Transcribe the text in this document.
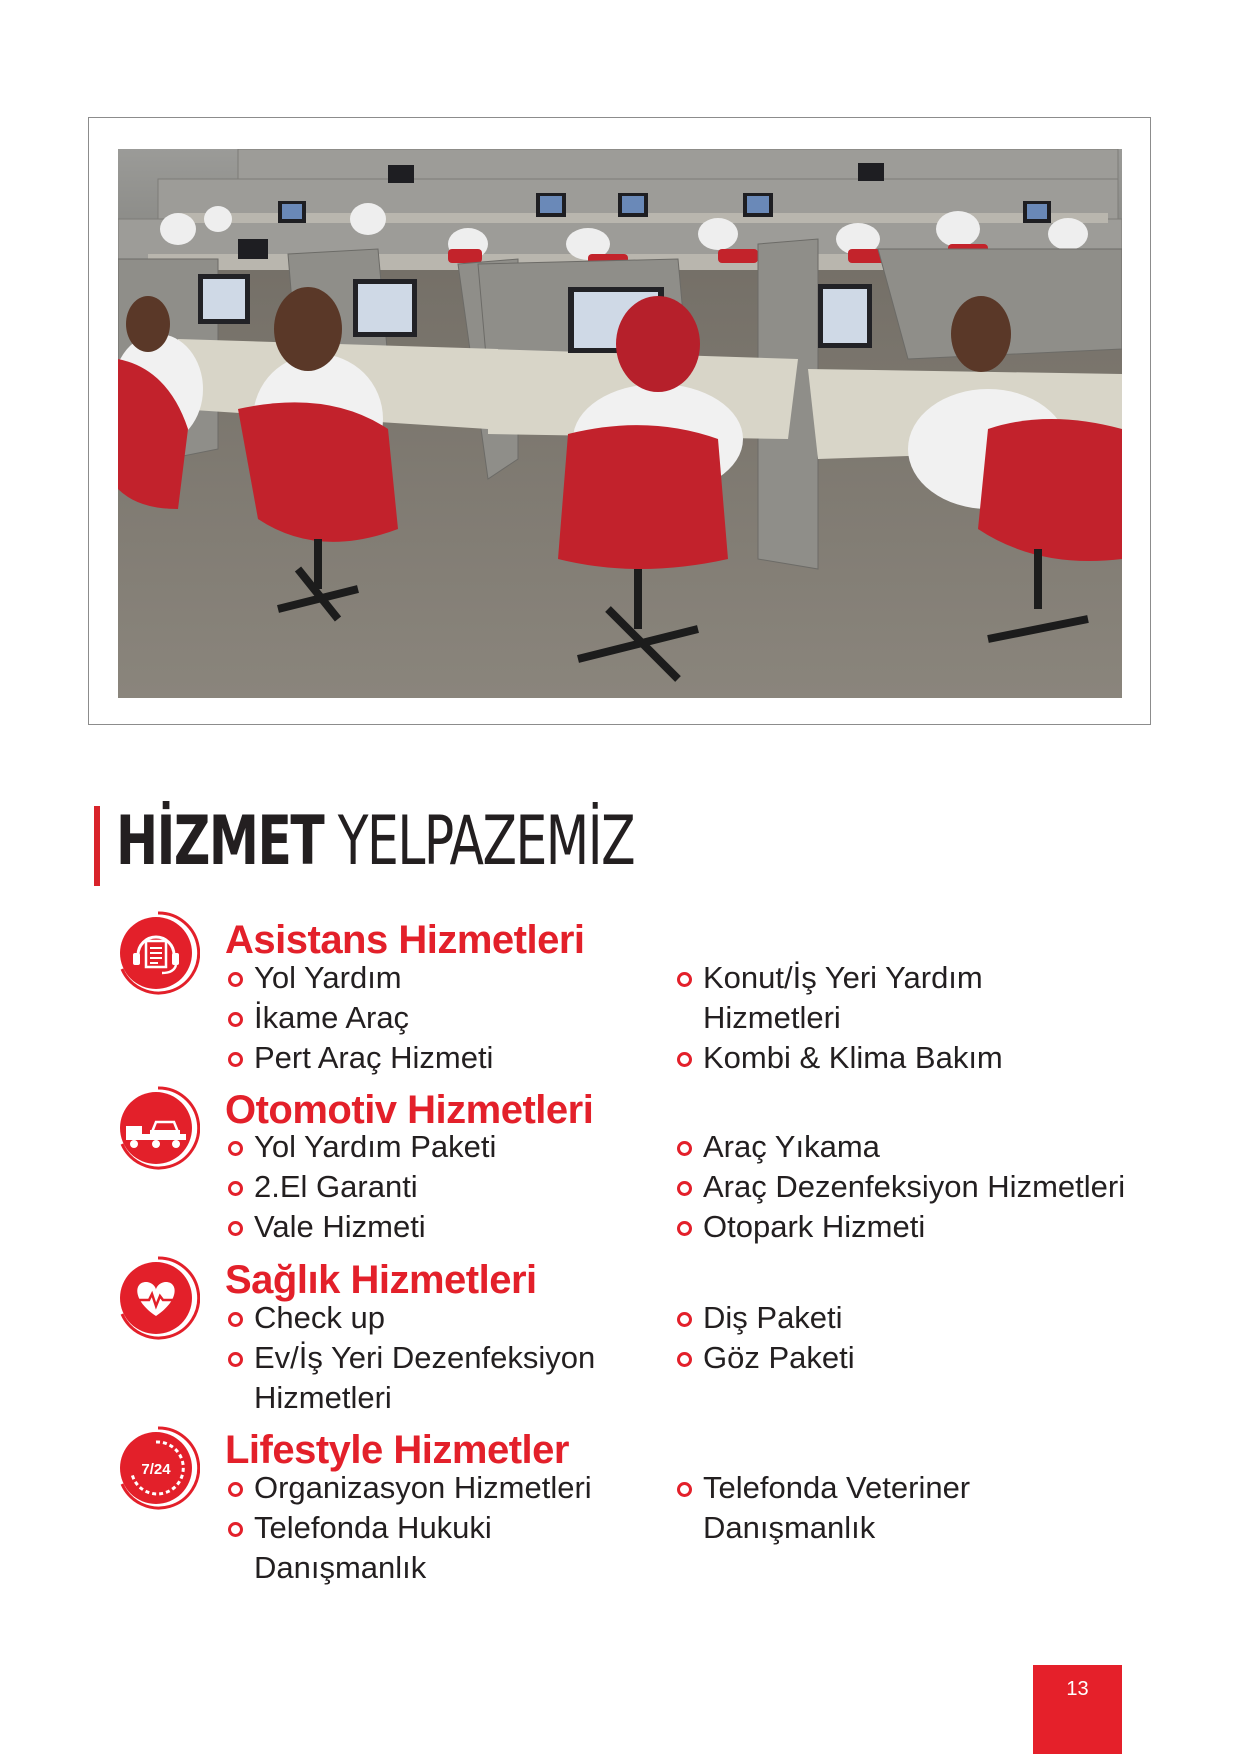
HİZMET YELPAZEMİZ
Asistans Hizmetleri
Yol Yardım
İkame Araç
Pert Araç Hizmeti
Konut/İş Yeri Yardım
Hizmetleri
Kombi & Klima Bakım
Otomotiv Hizmetleri
Yol Yardım Paketi
2.El Garanti
Vale Hizmeti
Araç Yıkama
Araç Dezenfeksiyon Hizmetleri
Otopark Hizmeti
Sağlık Hizmetleri
Check up
Ev/İş Yeri Dezenfeksiyon
Hizmetleri
Diş Paketi
Göz Paketi
7/24 Lifestyle Hizmetler
Organizasyon Hizmetleri
Telefonda Hukuki
Danışmanlık
Telefonda Veteriner
Danışmanlık
13
